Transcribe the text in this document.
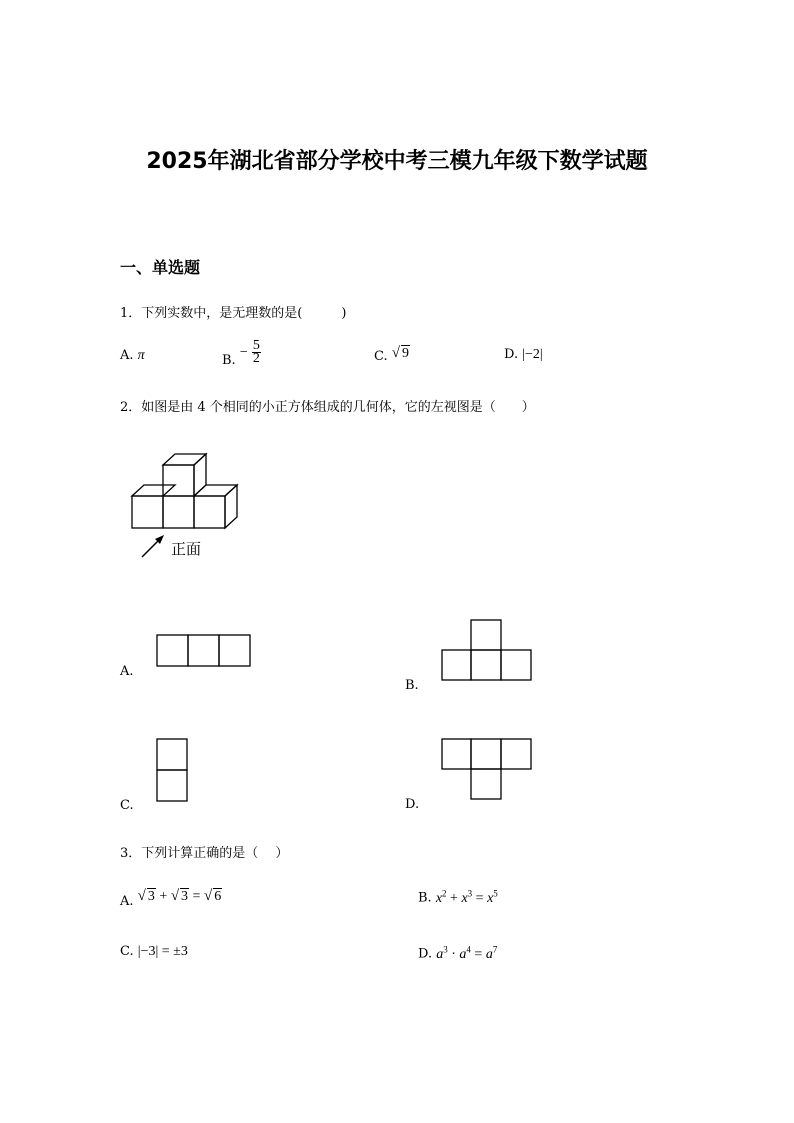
2025年湖北省部分学校中考三模九年级下数学试题
一、单选题
1．下列实数中，是无理数的是(　　　)
A. π	B. − $\frac{5}{2}$	C. √ 9	D. |−2|
2．如图是由 4 个相同的小正方体组成的几何体，它的左视图是（　　）
正面
A.
B.
C.	D.
3．下列计算正确的是（　 ）
A. √ 3 + √ 3 = √ 6	B. $x^2 + x^3 = x^5$
C. |−3| = ±3	D. $a^3 \cdot a^4 = a^7$
